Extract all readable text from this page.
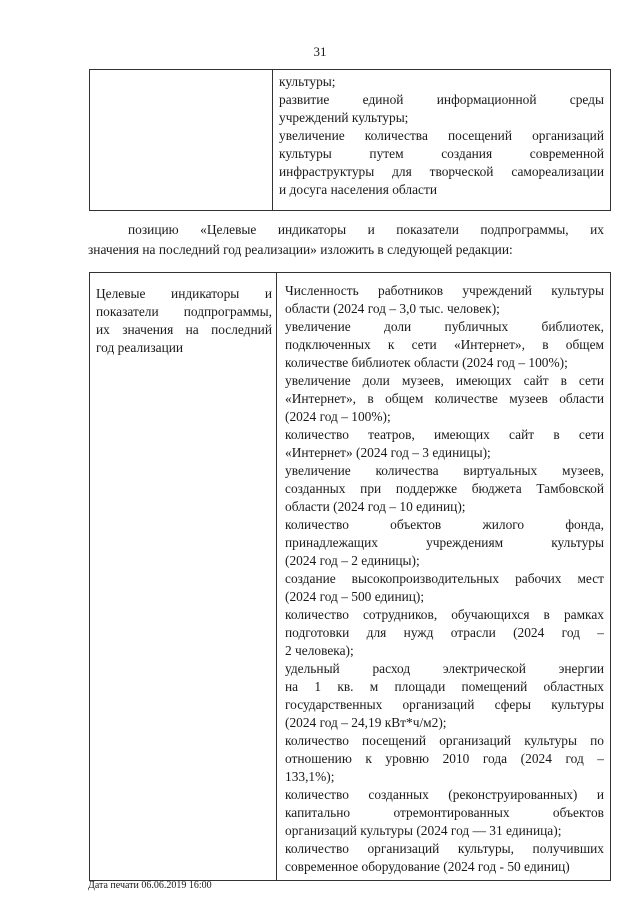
31

культуры;
развитие единой информационной среды
учреждений культуры;
увеличение количества посещений организаций
культуры путем создания современной
инфраструктуры для творческой самореализации
и досуга населения области
позицию «Целевые индикаторы и показатели подпрограммы, их
значения на последний год реализации» изложить в следующей редакции:
Целевые индикаторы и
показатели подпрограммы,
их значения на последний
год реализации

Численность работников учреждений культуры
области (2024 год – 3,0 тыс. человек);
увеличение доли публичных библиотек,
подключенных к сети «Интернет», в общем
количестве библиотек области (2024 год – 100%);
увеличение доли музеев, имеющих сайт в сети
«Интернет», в общем количестве музеев области
(2024 год – 100%);
количество театров, имеющих сайт в сети
«Интернет» (2024 год – 3 единицы);
увеличение количества виртуальных музеев,
созданных при поддержке бюджета Тамбовской
области (2024 год – 10 единиц);
количество объектов жилого фонда,
принадлежащих учреждениям культуры
(2024 год – 2 единицы);
создание высокопроизводительных рабочих мест
(2024 год – 500 единиц);
количество сотрудников, обучающихся в рамках
подготовки для нужд отрасли (2024 год –
2 человека);
удельный расход электрической энергии
на 1 кв. м площади помещений областных
государственных организаций сферы культуры
(2024 год – 24,19 кВт*ч/м2);
количество посещений организаций культуры по
отношению к уровню 2010 года (2024 год –
133,1%);
количество созданных (реконструированных) и
капитально отремонтированных объектов
организаций культуры (2024 год — 31 единица);
количество организаций культуры, получивших
современное оборудование (2024 год - 50 единиц)
Дата печати 06.06.2019 16:00
